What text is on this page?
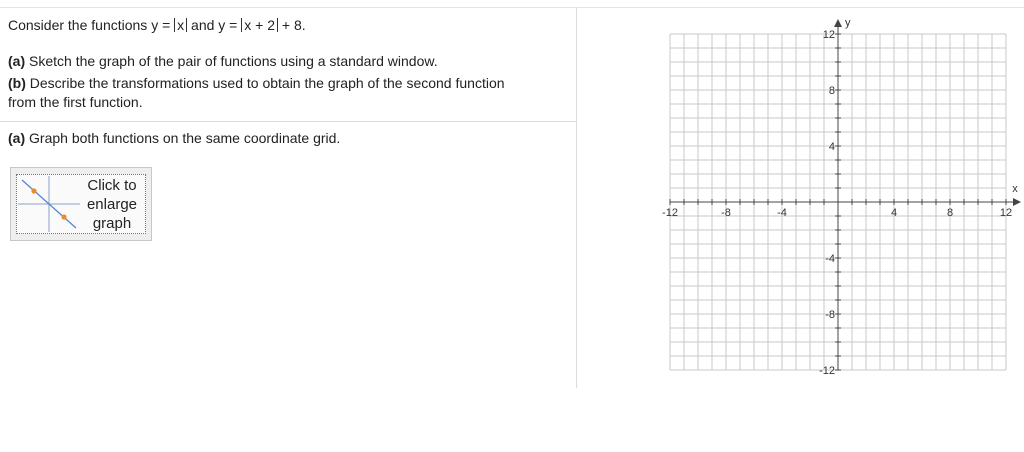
Consider the functions y = x and y = x + 2 + 8.
(a) Sketch the graph of the pair of functions using a standard window.
(b) Describe the transformations used to obtain the graph of the second function
from the first function.
(a) Graph both functions on the same coordinate grid.
Click to
enlarge
graph
-12	-8	-4	4	8	12
12
8
4
-4
-8
-12
x
y
